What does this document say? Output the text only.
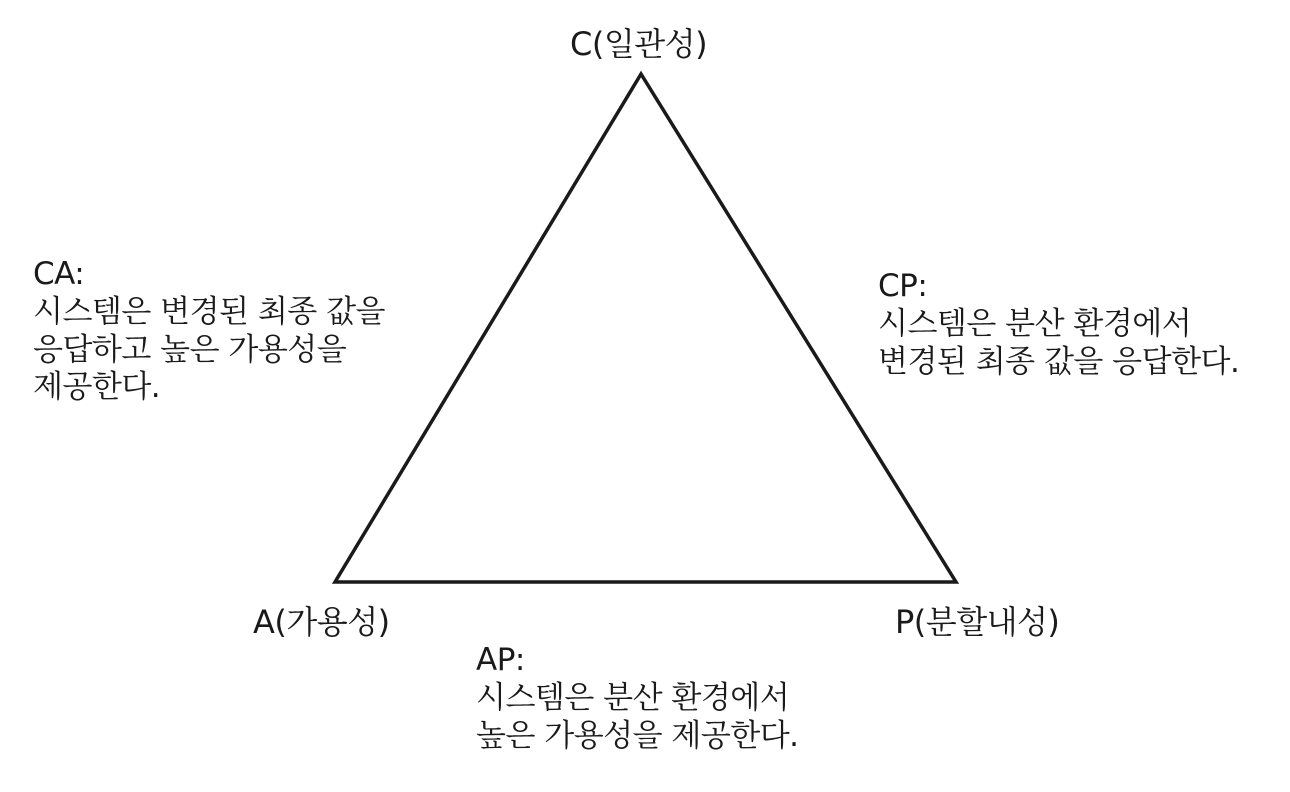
C(일관성)
A(가용성)	P(분할내성)
CA:
시스템은 변경된 최종 값을
응답하고 높은 가용성을
제공한다.
CP:
시스템은 분산 환경에서
변경된 최종 값을 응답한다.
AP:
시스템은 분산 환경에서
높은 가용성을 제공한다.
